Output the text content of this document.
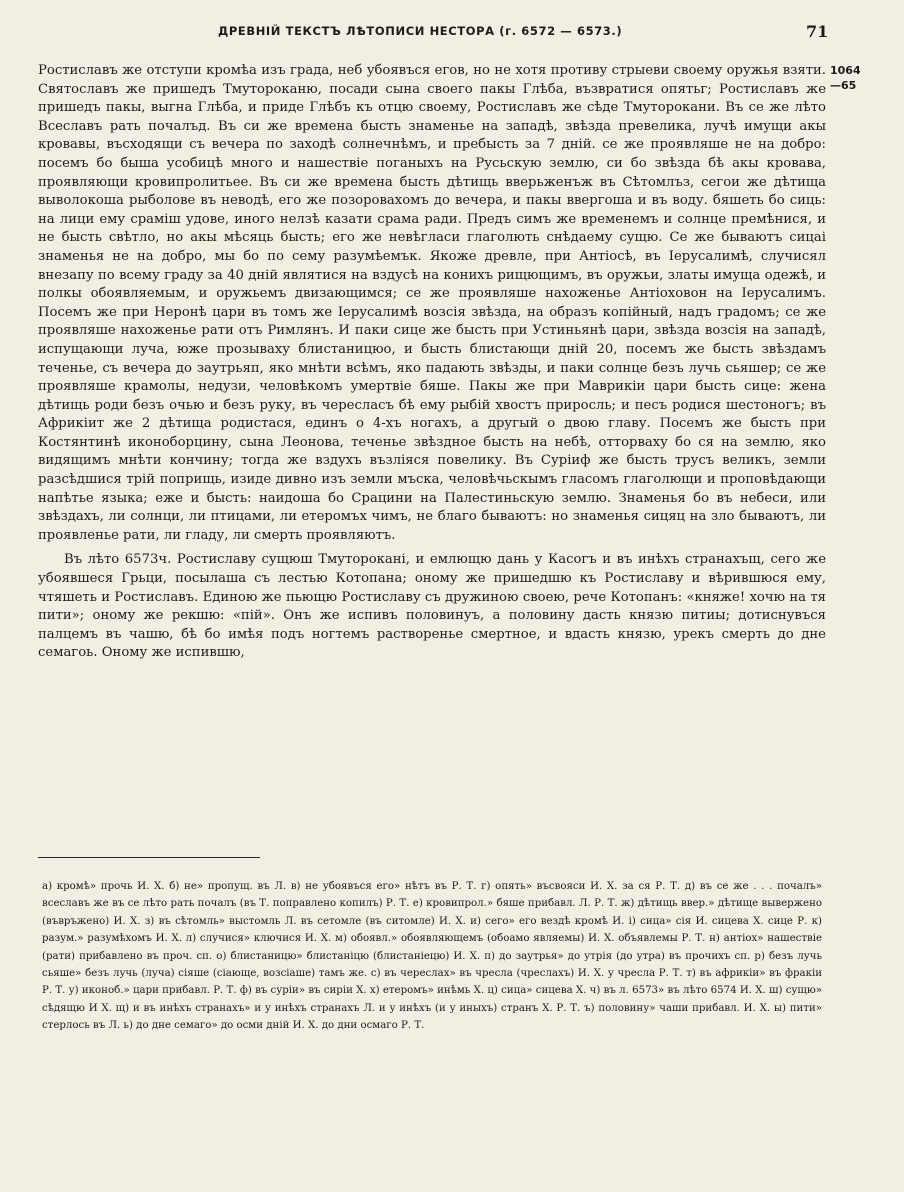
ДРЕВНІЙ ТЕКСТЪ ЛѢТОПИСИ НЕСТОРА (г. 6572 — 6573.)	71
1064
—65

Ростиславъ же отступи кромѣа изъ града, неб убоявъся егов, но не хотя противу стрыеви своему оружья взяти. Святославъ же пришедъ Тмутороканю, посади сына своего пакы Глѣба, възвратися опятьг; Ростиславъ же пришедъ пакы, выгна Глѣба, и приде Глѣбъ къ отцю своему, Ростиславъ же сѣде Тмуторокани. Въ се же лѣто Всеславъ рать почалъд. Въ си же времена бысть знаменье на западѣ, звѣзда превелика, лучѣ имущи акы кровавы, въсходящи съ вечера по заходѣ солнечнѣмъ, и пребысть за 7 днiй. се же проявляше не на добро: посемъ бо быша усобицѣ много и нашествiе поганыхъ на Русьскую землю, си бо звѣзда бѣ акы кровава, проявляющи кровипролитьее. Въ си же времена бысть дѣтищь вверьженъж въ Сѣтомлъз, сегои же дѣтища выволокоша рыболове въ неводѣ, его же позоровахомъ до вечера, и пакы ввергоша и въ воду. бяшеть бо сиць: на лици ему срамiш удове, иного нелзѣ казати срама ради. Предъ симъ же временемъ и солнце премѣнися, и не бысть свѣтло, но акы мѣсяць бысть; его же невѣгласи глаголють снѣдаему сущю. Се же бываютъ сицаi знаменья не на добро, мы бо по сему разумѣемък. Якоже древле, при Антiосѣ, въ Iерусалимѣ, случисял внезапу по всему граду за 40 днiй являтися на вздусѣ на конихъ рищющимъ, въ оружьи, златы имуща одежѣ, и полкы обоявляемым, и оружьемъ двизающимся; се же проявляше нахоженье Антiоховон на Iерусалимъ. Посемъ же при Неронѣ цари въ томъ же Iерусалимѣ возсiя звѣзда, на образъ копiйный, надъ градомъ; се же проявляше нахоженье рати отъ Римлянъ. И паки сице же бысть при Устиньянѣ цари, звѣзда возсiя на западѣ, испущающи луча, юже прозываху блистаницюо, и бысть блистающи днiй 20, посемъ же бысть звѣздамъ теченье, съ вечера до заутрьяп, яко мнѣти всѣмъ, яко падають звѣзды, и паки солнце безъ лучь сьяшер; се же проявляше крамолы, недузи, человѣкомъ умертвiе бяше. Пакы же при Маврикiи цари бысть сице: жена дѣтищь роди безъ очью и безъ руку, въ чересласъ бѣ ему рыбiй хвостъ приросль; и песъ родися шестоногъ; въ Африкiит же 2 дѣтища родистася, единъ о 4-хъ ногахъ, а другый о двою главу. Посемъ же бысть при Костянтинѣ иконоборцину, сына Леонова, теченье звѣздное бысть на небѣ, отторваху бо ся на землю, яко видящимъ мнѣти кончину; тогда же вздухъ възлiяся повелику. Въ Сурiиф же бысть трусъ великъ, земли разсѣдшися трiй поприщь, изиде дивно изъ земли мъска, человѣчьскымъ гласомъ глаголющи и проповѣдающи напѣтье языка; еже и бысть: наидоша бо Срацини на Палестиньскую землю. Знаменья бо въ небеси, или звѣздахъ, ли солнци, ли птицами, ли етеромъх чимъ, не благо бываютъ: но знаменья сицяц на зло бываютъ, ли проявленье рати, ли гладу, ли смерть проявляютъ.

Въ лѣто 6573ч. Ростиславу сущюш Тмутороканi, и емлющю дань у Касогъ и въ инѣхъ странахъщ, сего же убоявшеся Грьци, посылаша съ лестью Котопана; оному же пришедшю къ Ростиславу и вѣрившюся ему, чтяшеть и Ростиславъ. Единою же пьющю Ростиславу съ дружиною своею, рече Котопанъ: «княже! хочю на тя пити»; оному же рекшю: «пiй». Онъ же испивъ половинуъ, а половину дасть князю питиы; дотиснувъся палцемъ въ чашю, бѣ бо имѣя подъ ногтемъ растворенье смертное, и вдасть князю, урекъ смерть до дне семагоь. Оному же испившю,

а) кромѣ» прочь И. Х. б) не» пропущ. въ Л. в) не убоявъся его» нѣтъ въ Р. Т. г) опять» въсвояси И. Х. за ся Р. Т. д) въ се же . . . почалъ» всеславъ же въ се лѣто рать почалъ (въ Т. поправлено копилъ) Р. Т. е) кровипрол.» бяше прибавл. Л. Р. Т. ж) дѣтищь ввер.» дѣтище вывержено (въвръжено) И. Х. з) въ сѣтомль» выстомль Л. въ сетомле (въ ситомле) И. Х. и) сего» его вездѣ кромѣ И. i) сица» сiя И. сицева Х. сице Р. к) разум.» разумѣхомъ И. Х. л) случися» ключися И. Х. м) обоявл.» обоявляющемъ (обоамо являемы) И. Х. объявлемы Р. Т. н) антiох» нашествiе (рати) прибавлено въ проч. сп. о) блистаницю» блистанiцю (блистанiецю) И. Х. п) до заутрья» до утрiя (до утра) въ прочихъ сп. р) безъ лучь сьяше» безъ лучь (луча) сiяше (сiающе, возсiаше) тамъ же. с) въ череслах» въ чресла (чреслахъ) И. Х. у чресла Р. Т. т) въ африкiи» въ фракiи Р. Т. у) иконоб.» цари прибавл. Р. Т. ф) въ сурiи» въ сирiи Х. х) етеромъ» инѣмь Х. ц) сица» сицева Х. ч) въ л. 6573» въ лѣто 6574 И. Х. ш) сущю» сѣдящю И Х. щ) и въ инѣхъ странахъ» и у инѣхъ странахъ Л. и у инѣхъ (и у иныхъ) странъ Х. Р. Т. ъ) половину» чаши прибавл. И. Х. ы) пити» стерлось въ Л. ь) до дне семаго» до осми днiй И. Х. до дни осмаго Р. Т.
